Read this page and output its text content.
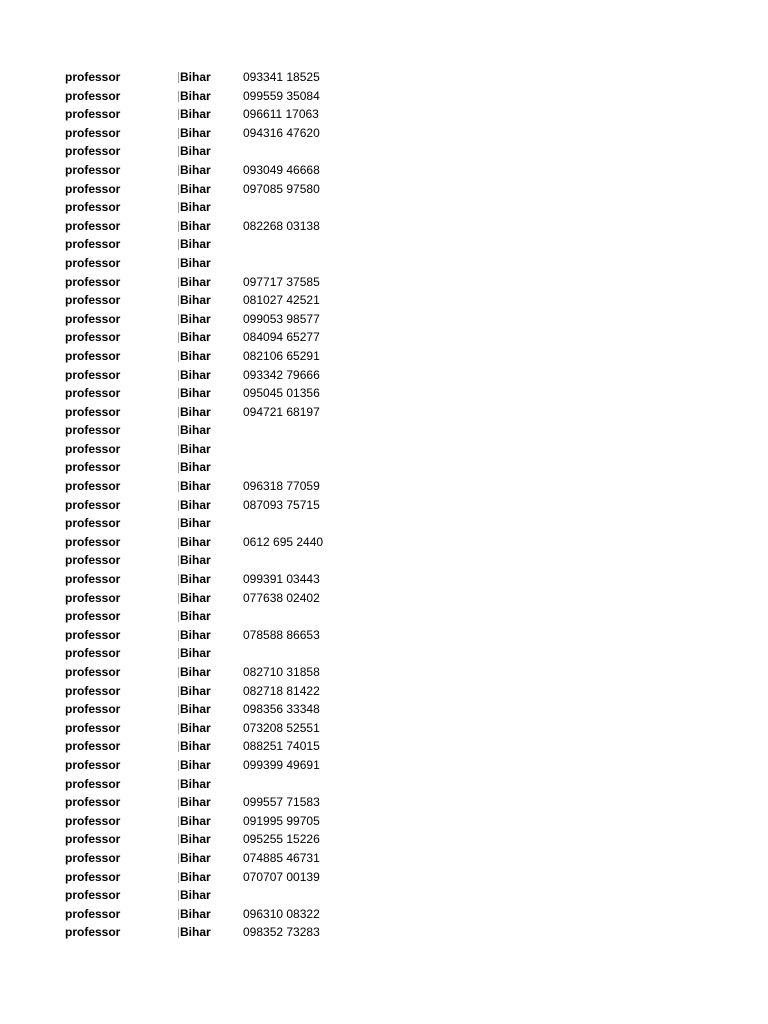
professor	Bihar	093341 18525
professor	Bihar	099559 35084
professor	Bihar	096611 17063
professor	Bihar	094316 47620
professor	Bihar
professor	Bihar	093049 46668
professor	Bihar	097085 97580
professor	Bihar
professor	Bihar	082268 03138
professor	Bihar
professor	Bihar
professor	Bihar	097717 37585
professor	Bihar	081027 42521
professor	Bihar	099053 98577
professor	Bihar	084094 65277
professor	Bihar	082106 65291
professor	Bihar	093342 79666
professor	Bihar	095045 01356
professor	Bihar	094721 68197
professor	Bihar
professor	Bihar
professor	Bihar
professor	Bihar	096318 77059
professor	Bihar	087093 75715
professor	Bihar
professor	Bihar	0612 695 2440
professor	Bihar
professor	Bihar	099391 03443
professor	Bihar	077638 02402
professor	Bihar
professor	Bihar	078588 86653
professor	Bihar
professor	Bihar	082710 31858
professor	Bihar	082718 81422
professor	Bihar	098356 33348
professor	Bihar	073208 52551
professor	Bihar	088251 74015
professor	Bihar	099399 49691
professor	Bihar
professor	Bihar	099557 71583
professor	Bihar	091995 99705
professor	Bihar	095255 15226
professor	Bihar	074885 46731
professor	Bihar	070707 00139
professor	Bihar
professor	Bihar	096310 08322
professor	Bihar	098352 73283
